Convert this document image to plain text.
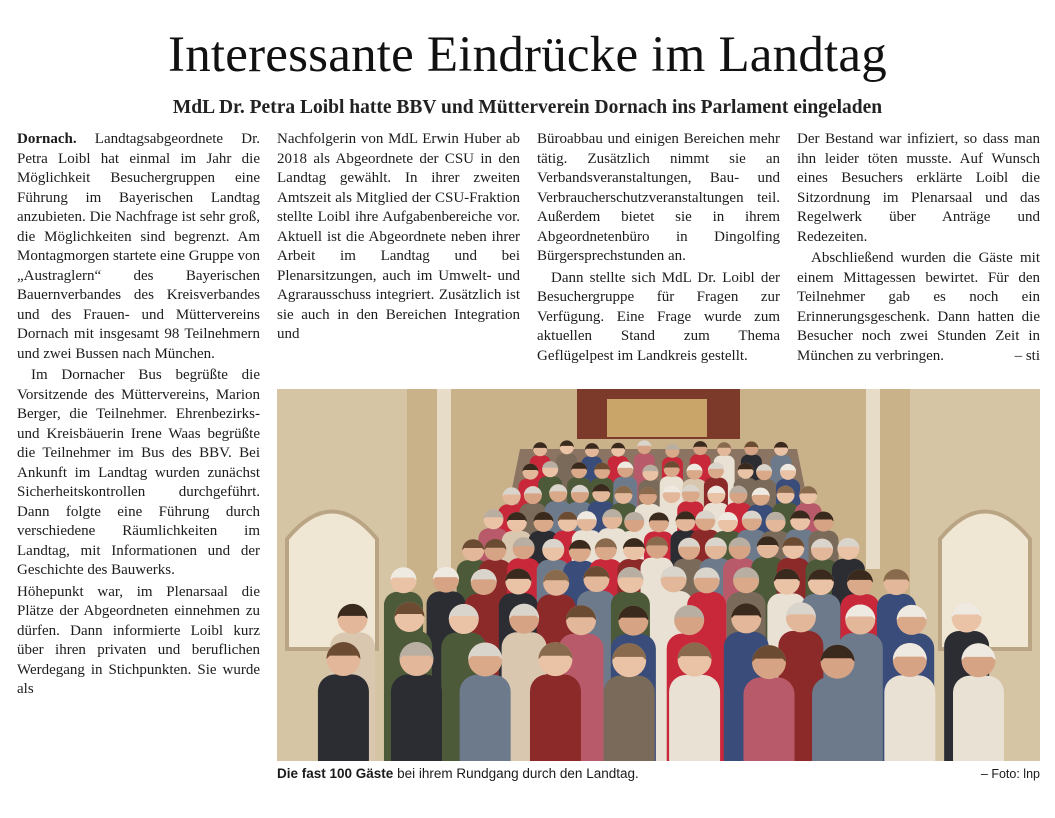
Interessante Eindrücke im Landtag
MdL Dr. Petra Loibl hatte BBV und Mütterverein Dornach ins Parlament eingeladen

Dornach. Landtagsabgeordnete Dr. Petra Loibl hat einmal im Jahr die Möglichkeit Besuchergruppen eine Führung im Bayerischen Landtag anzubieten. Die Nachfrage ist sehr groß, die Möglichkeiten sind begrenzt. Am Montagmorgen startete eine Gruppe von „Austraglern“ des Bayerischen Bauernverbandes des Kreisverbandes und des Frauen- und Müttervereins Dornach mit insgesamt 98 Teilnehmern und zwei Bussen nach München.

Im Dornacher Bus begrüßte die Vorsitzende des Müttervereins, Marion Berger, die Teilnehmer. Ehrenbezirks- und Kreisbäuerin Irene Waas begrüßte die Teilnehmer im Bus des BBV. Bei Ankunft im Landtag wurden zunächst Sicherheitskontrollen durchgeführt. Dann folgte eine Führung durch verschiedene Räumlichkeiten im Landtag, mit Informationen und der Geschichte des Bauwerks.

Höhepunkt war, im Plenarsaal die Plätze der Abgeordneten einnehmen zu dürfen. Dann informierte Loibl kurz über ihren privaten und beruflichen Werdegang in Stichpunkten. Sie wurde als

Nachfolgerin von MdL Erwin Huber ab 2018 als Abgeordnete der CSU in den Landtag gewählt. In ihrer zweiten Amtszeit als Mitglied der CSU-Fraktion stellte Loibl ihre Aufgabenbereiche vor. Aktuell ist die Abgeordnete neben ihrer Arbeit im Landtag und bei Plenarsitzungen, auch im Umwelt- und Agrarausschuss integriert. Zusätzlich ist sie auch in den Bereichen Integration und

Büroabbau und einigen Bereichen mehr tätig. Zusätzlich nimmt sie an Verbandsveranstaltungen, Bau- und Verbraucherschutzveranstaltungen teil. Außerdem bietet sie in ihrem Abgeordnetenbüro in Dingolfing Bürgersprechstunden an.

Dann stellte sich MdL Dr. Loibl der Besuchergruppe für Fragen zur Verfügung. Eine Frage wurde zum aktuellen Stand zum Thema Geflügelpest im Landkreis gestellt.

Der Bestand war infiziert, so dass man ihn leider töten musste. Auf Wunsch eines Besuchers erklärte Loibl die Sitzordnung im Plenarsaal und das Regelwerk über Anträge und Redezeiten.

Abschließend wurden die Gäste mit einem Mittagessen bewirtet. Für den Teilnehmer gab es noch ein Erinnerungsgeschenk. Dann hatten die Besucher noch zwei Stunden Zeit in München zu verbringen.	– sti

Die fast 100 Gäste bei ihrem Rundgang durch den Landtag.	– Foto: lnp
